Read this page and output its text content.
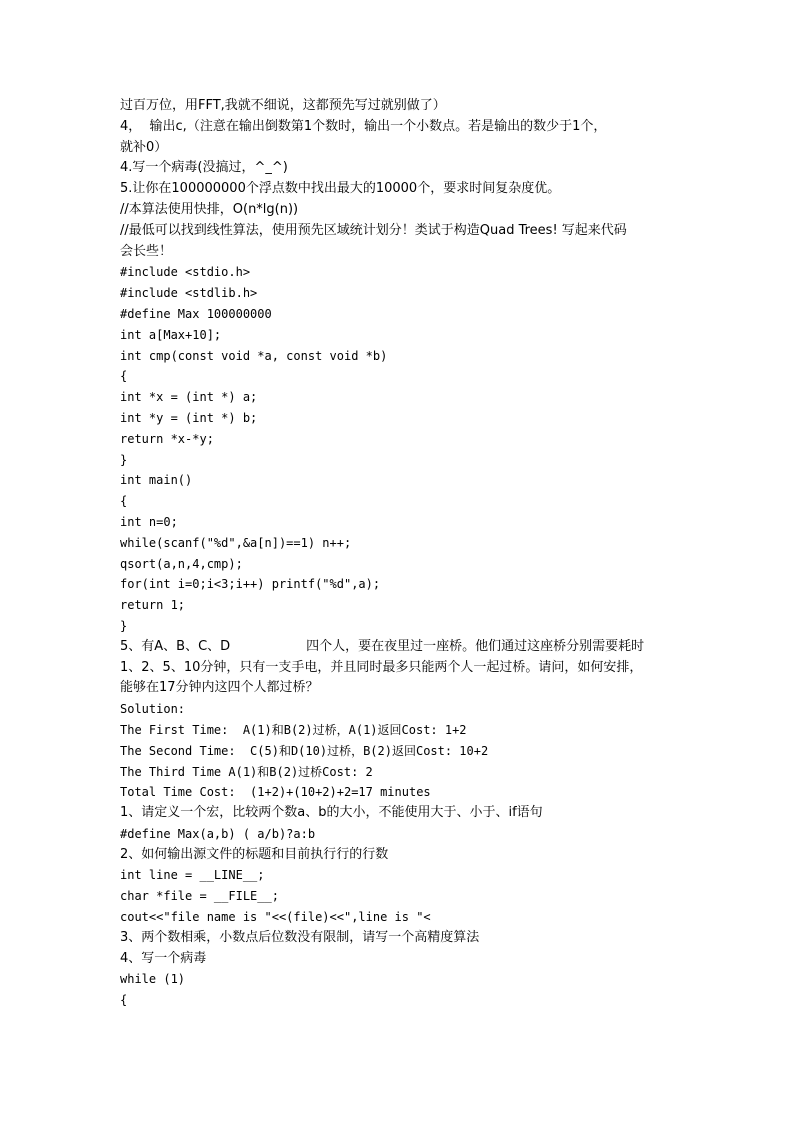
过百万位，用FFT,我就不细说，这都预先写过就别做了）
4，  输出c,（注意在输出倒数第1个数时，输出一个小数点。若是输出的数少于1个，
就补0）
4.写一个病毒(没搞过，^_^)
5.让你在100000000个浮点数中找出最大的10000个，要求时间复杂度优。
//本算法使用快排，O(n*lg(n))
//最低可以找到线性算法，使用预先区域统计划分！类试于构造Quad Trees! 写起来代码
会长些！
#include <stdio.h>
#include <stdlib.h>
#define Max 100000000
int a[Max+10];
int cmp(const void *a, const void *b)
{
int *x = (int *) a;
int *y = (int *) b;
return *x-*y;
}
int main()
{
int n=0;
while(scanf("%d",&a[n])==1) n++;
qsort(a,n,4,cmp);
for(int i=0;i<3;i++) printf("%d",a);
return 1;
}
5、有A、B、C、D	四个人，要在夜里过一座桥。他们通过这座桥分别需要耗时
1、2、5、10分钟，只有一支手电，并且同时最多只能两个人一起过桥。请问，如何安排，
能够在17分钟内这四个人都过桥？
Solution:
The First Time:  A(1)和B(2)过桥，A(1)返回Cost: 1+2
The Second Time:  C(5)和D(10)过桥，B(2)返回Cost: 10+2
The Third Time A(1)和B(2)过桥Cost: 2
Total Time Cost:  (1+2)+(10+2)+2=17 minutes
1、请定义一个宏，比较两个数a、b的大小，不能使用大于、小于、if语句
#define Max(a,b) ( a/b)?a:b
2、如何输出源文件的标题和目前执行行的行数
int line = __LINE__;
char *file = __FILE__;
cout<<"file name is "<<(file)<<",line is "<
3、两个数相乘，小数点后位数没有限制，请写一个高精度算法
4、写一个病毒
while (1)
{
